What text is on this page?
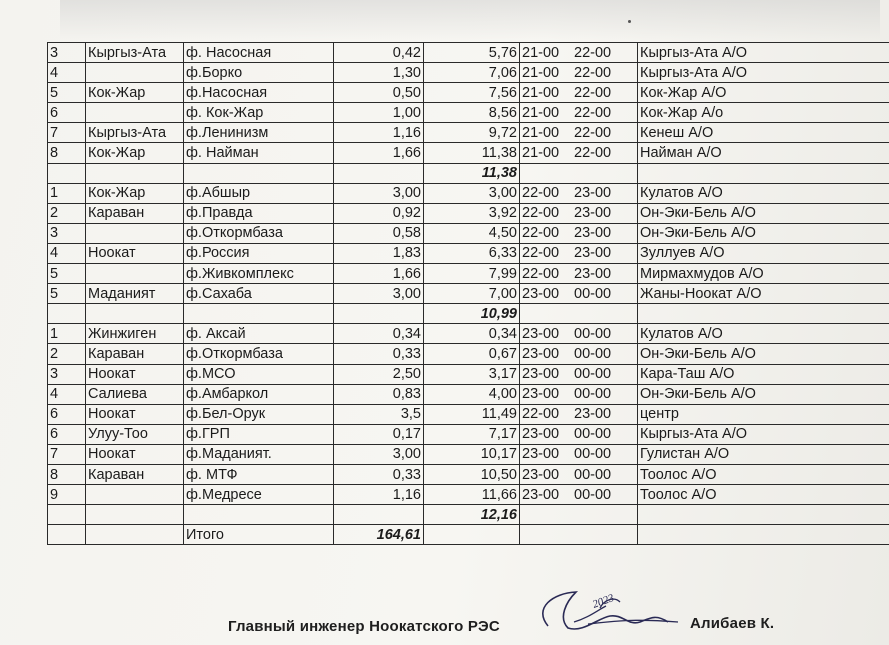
3	Кыргыз-Ата	ф. Насосная	0,42	5,76	21-00 22-00	Кыргыз-Ата А/О
4		ф.Борко	1,30	7,06	21-00 22-00	Кыргыз-Ата А/О
5	Кок-Жар	ф.Насосная	0,50	7,56	21-00 22-00	Кок-Жар А/О
6		ф. Кок-Жар	1,00	8,56	21-00 22-00	Кок-Жар А/о
7	Кыргыз-Ата	ф.Ленинизм	1,16	9,72	21-00 22-00	Кенеш А/О
8	Кок-Жар	ф. Найман	1,66	11,38	21-00 22-00	Найман А/О
				11,38		
1	Кок-Жар	ф.Абшыр	3,00	3,00	22-00 23-00	Кулатов А/О
2	Караван	ф.Правда	0,92	3,92	22-00 23-00	Он-Эки-Бель А/О
3		ф.Откормбаза	0,58	4,50	22-00 23-00	Он-Эки-Бель А/О
4	Ноокат	ф.Россия	1,83	6,33	22-00 23-00	Зуллуев А/О
5		ф.Живкомплекс	1,66	7,99	22-00 23-00	Мирмахмудов А/О
5	Маданият	ф.Сахаба	3,00	7,00	23-00 00-00	Жаны-Ноокат А/О
				10,99		
1	Жинжиген	ф. Аксай	0,34	0,34	23-00 00-00	Кулатов А/О
2	Караван	ф.Откормбаза	0,33	0,67	23-00 00-00	Он-Эки-Бель А/О
3	Ноокат	ф.МСО	2,50	3,17	23-00 00-00	Кара-Таш А/О
4	Салиева	ф.Амбаркол	0,83	4,00	23-00 00-00	Он-Эки-Бель А/О
6	Ноокат	ф.Бел-Орук	3,5	11,49	22-00 23-00	центр
6	Улуу-Тоо	ф.ГРП	0,17	7,17	23-00 00-00	Кыргыз-Ата А/О
7	Ноокат	ф.Маданият.	3,00	10,17	23-00 00-00	Гулистан А/О
8	Караван	ф. МТФ	0,33	10,50	23-00 00-00	Тоолос А/О
9		ф.Медресе	1,16	11,66	23-00 00-00	Тоолос А/О
				12,16		
		Итого	164,61			
2023
Главный инженер Ноокатского РЭС	Алибаев К.
